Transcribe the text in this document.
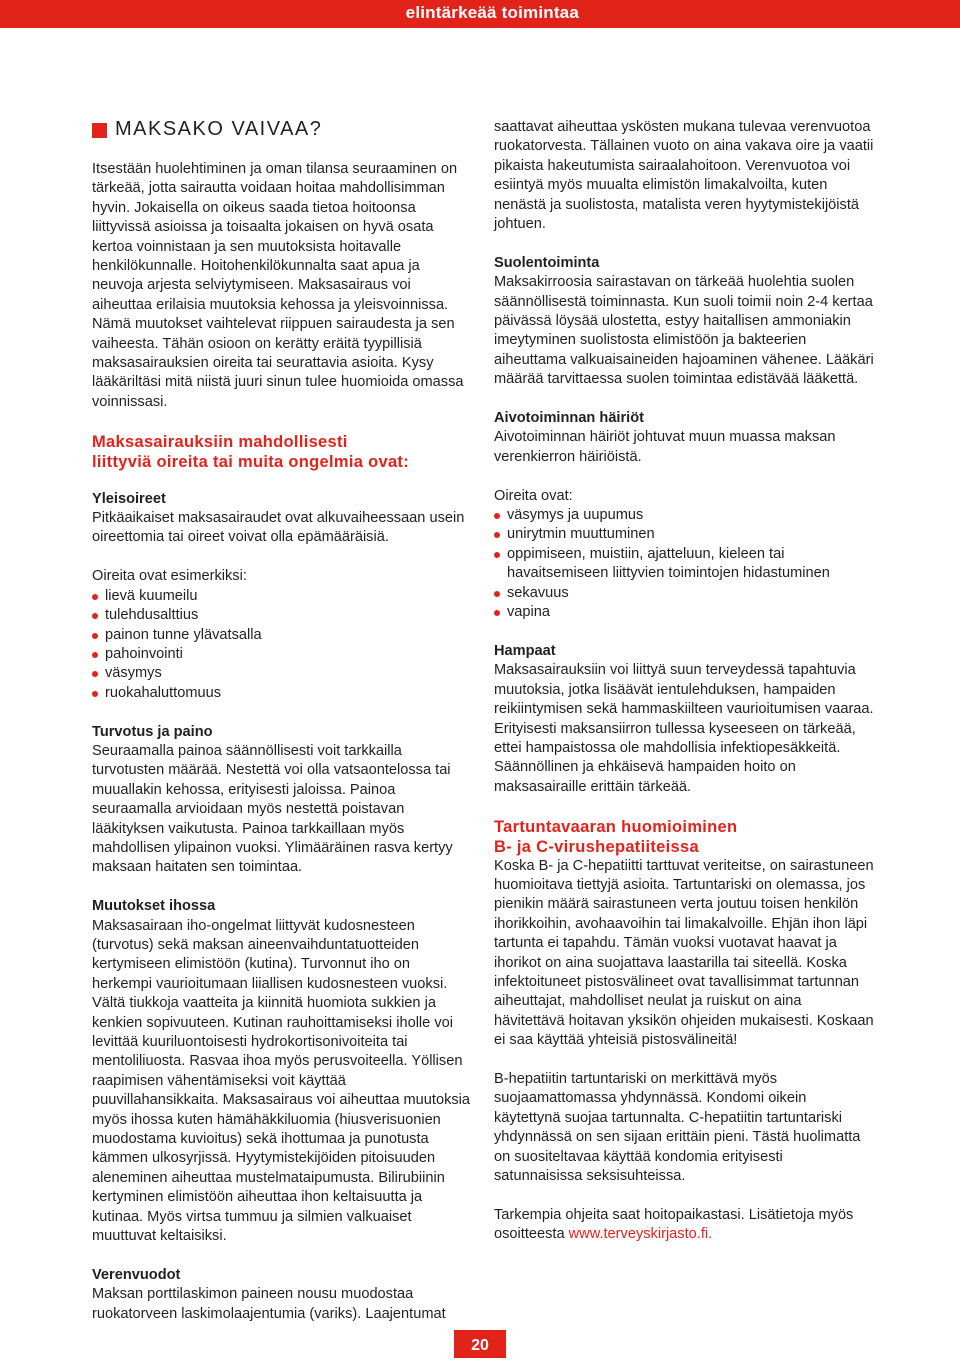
elintärkeää toimintaa
MAKSAKO VAIVAA?

Itsestään huolehtiminen ja oman tilansa seuraaminen on tärkeää, jotta sairautta voidaan hoitaa mahdollisimman hyvin. Jokaisella on oikeus saada tietoa hoitoonsa liittyvissä asioissa ja toisaalta jokaisen on hyvä osata kertoa voinnistaan ja sen muutoksista hoitavalle henkilökunnalle. Hoitohenkilökunnalta saat apua ja neuvoja arjesta selviytymiseen. Maksasairaus voi aiheuttaa erilaisia muutoksia kehossa ja yleisvoinnissa. Nämä muutokset vaihtelevat riippuen sairaudesta ja sen vaiheesta. Tähän osioon on kerätty eräitä tyypillisiä maksasairauksien oireita tai seurattavia asioita. Kysy lääkäriltäsi mitä niistä juuri sinun tulee huomioida omassa voinnissasi.

Maksasairauksiin mahdollisesti
liittyviä oireita tai muita ongelmia ovat:
Yleisoireet

Pitkäaikaiset maksasairaudet ovat alkuvaiheessaan usein oireettomia tai oireet voivat olla epämääräisiä.

Oireita ovat esimerkiksi:

lievä kuumeilu
tulehdusalttius
painon tunne ylävatsalla
pahoinvointi
väsymys
ruokahaluttomuus
Turvotus ja paino

Seuraamalla painoa säännöllisesti voit tarkkailla turvotusten määrää. Nestettä voi olla vatsaontelossa tai muuallakin kehossa, erityisesti jaloissa. Painoa seuraamalla arvioidaan myös nestettä poistavan lääkityksen vaikutusta. Painoa tarkkaillaan myös mahdollisen ylipainon vuoksi. Ylimääräinen rasva kertyy maksaan haitaten sen toimintaa.

Muutokset ihossa

Maksasairaan iho-ongelmat liittyvät kudosnesteen (turvotus) sekä maksan aineenvaihduntatuotteiden kertymiseen elimistöön (kutina). Turvonnut iho on herkempi vaurioitumaan liiallisen kudosnesteen vuoksi. Vältä tiukkoja vaatteita ja kiinnitä huomiota sukkien ja kenkien sopivuuteen. Kutinan rauhoittamiseksi iholle voi levittää kuuriluontoisesti hydrokortisonivoiteita tai mentoliliuosta. Rasvaa ihoa myös perusvoiteella. Yöllisen raapimisen vähentämiseksi voit käyttää puuvillahansikkaita. Maksasairaus voi aiheuttaa muutoksia myös ihossa kuten hämähäkkiluomia (hiusverisuonien muodostama kuvioitus) sekä ihottumaa ja punotusta kämmen ulkosyrjissä. Hyytymistekijöiden pitoisuuden aleneminen aiheuttaa mustelmataipumusta. Bilirubiinin kertyminen elimistöön aiheuttaa ihon keltaisuutta ja kutinaa. Myös virtsa tummuu ja silmien valkuaiset muuttuvat keltaisiksi.

Verenvuodot

Maksan porttilaskimon paineen nousu muodostaa ruokatorveen laskimolaajentumia (variks). Laajentumat

saattavat aiheuttaa yskösten mukana tulevaa verenvuotoa ruokatorvesta. Tällainen vuoto on aina vakava oire ja vaatii pikaista hakeutumista sairaalahoitoon. Verenvuotoa voi esiintyä myös muualta elimistön limakalvoilta, kuten nenästä ja suolistosta, matalista veren hyytymistekijöistä johtuen.

Suolentoiminta

Maksakirroosia sairastavan on tärkeää huolehtia suolen säännöllisestä toiminnasta. Kun suoli toimii noin 2-4 kertaa päivässä löysää ulostetta, estyy haitallisen ammoniakin imeytyminen suolistosta elimistöön ja bakteerien aiheuttama valkuaisaineiden hajoaminen vähenee. Lääkäri määrää tarvittaessa suolen toimintaa edistävää lääkettä.

Aivotoiminnan häiriöt

Aivotoiminnan häiriöt johtuvat muun muassa maksan verenkierron häiriöistä.

Oireita ovat:

väsymys ja uupumus
unirytmin muuttuminen
oppimiseen, muistiin, ajatteluun, kieleen tai havaitsemiseen liittyvien toimintojen hidastuminen
sekavuus
vapina
Hampaat

Maksasairauksiin voi liittyä suun terveydessä tapahtuvia muutoksia, jotka lisäävät ientulehduksen, hampaiden reikiintymisen sekä hammaskiilteen vaurioitumisen vaaraa. Erityisesti maksansiirron tullessa kyseeseen on tärkeää, ettei hampaistossa ole mahdollisia infektiopesäkkeitä. Säännöllinen ja ehkäisevä hampaiden hoito on maksasairaille erittäin tärkeää.

Tartuntavaaran huomioiminen
B- ja C-virushepatiiteissa

Koska B- ja C-hepatiitti tarttuvat veriteitse, on sairastuneen huomioitava tiettyjä asioita. Tartuntariski on olemassa, jos pienikin määrä sairastuneen verta joutuu toisen henkilön ihorikkoihin, avohaavoihin tai limakalvoille. Ehjän ihon läpi tartunta ei tapahdu. Tämän vuoksi vuotavat haavat ja ihorikot on aina suojattava laastarilla tai siteellä. Koska infektoituneet pistosvälineet ovat tavallisimmat tartunnan aiheuttajat, mahdolliset neulat ja ruiskut on aina hävitettävä hoitavan yksikön ohjeiden mukaisesti. Koskaan ei saa käyttää yhteisiä pistosvälineitä!

B-hepatiitin tartuntariski on merkittävä myös suojaamattomassa yhdynnässä. Kondomi oikein käytettynä suojaa tartunnalta. C-hepatiitin tartuntariski yhdynnässä on sen sijaan erittäin pieni. Tästä huolimatta on suositeltavaa käyttää kondomia erityisesti satunnaisissa seksisuhteissa.

Tarkempia ohjeita saat hoitopaikastasi. Lisätietoja myös osoitteesta www.terveyskirjasto.fi.

20
